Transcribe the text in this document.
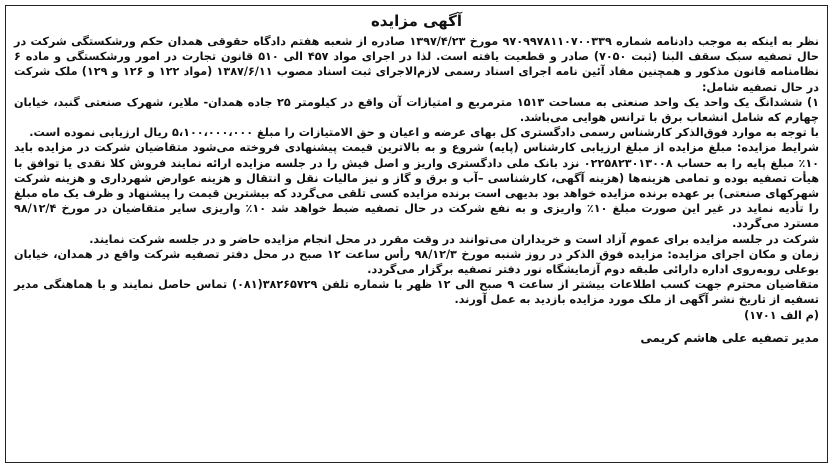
آگهی مزایده

نظر به اینکه به موجب دادنامه شماره ۹۷۰۹۹۷۸۱۱۰۷۰۰۳۳۹ مورخ ۱۳۹۷/۴/۲۳ صادره از شعبه هفتم دادگاه حقوقی همدان حکم ورشکستگی شرکت در حال تصفیه سبک سقف البنا (ثبت ۷۰۵۰) صادر و قطعیت یافته است. لذا در اجرای مواد ۴۵۷ الی ۵۱۰ قانون تجارت در امور ورشکستگی و ماده ۶ نظامنامه قانون مذکور و همچنین مفاد آئین نامه اجرای اسناد رسمی لازم‌الاجرای ثبت اسناد مصوب ۱۳۸۷/۶/۱۱ (مواد ۱۲۲ و ۱۲۶ و ۱۲۹) ملک شرکت در حال تصفیه شامل:

۱) ششدانگ یک واحد یک واحد صنعتی به مساحت ۱۵۱۳ مترمربع و امتیازات آن واقع در کیلومتر ۲۵ جاده همدان- ملایر، شهرک صنعتی گنبد، خیابان چهارم که شامل انشعاب برق با ترانس هوایی می‌باشد.

با توجه به موارد فوق‌الذکر کارشناس رسمی دادگستری کل بهای عرضه و اعیان و حق الامتیازات را مبلغ ۵،۱۰۰،۰۰۰،۰۰۰ ریال ارزیابی نموده است.

شرایط مزایده: مبلغ مزایده از مبلغ ارزیابی کارشناس (پایه) شروع و به بالاترین قیمت پیشنهادی فروخته می‌شود متقاضیان شرکت در مزایده باید ۱۰٪ مبلغ پایه را به حساب ۰۲۲۵۸۲۳۰۱۳۰۰۸ نزد بانک ملی دادگستری واریز و اصل فیش را در جلسه مزایده ارائه نمایند فروش کلا نقدی یا توافق با هیأت تصفیه بوده و تمامی هزینه‌ها (هزینه آگهی، کارشناسی –آب و برق و گاز و نیز مالیات نقل و انتقال و هزینه عوارض شهرداری و هزینه شرکت شهرکهای صنعتی) بر عهده برنده مزایده خواهد بود بدیهی است برنده مزایده کسی تلقی می‌گردد که بیشترین قیمت را پیشنهاد و ظرف یک ماه مبلغ را تأدیه نماید در غیر این صورت مبلغ ۱۰٪ واریزی و به نفع شرکت در حال تصفیه ضبط خواهد شد ۱۰٪ واریزی سایر متقاضیان در مورخ ۹۸/۱۲/۴ مسترد می‌گردد.

شرکت در جلسه مزایده برای عموم آزاد است و خریداران می‌توانند در وقت مقرر در محل انجام مزایده حاضر و در جلسه شرکت نمایند.

زمان و مکان اجرای مزایده: مزایده فوق الذکر در روز شنبه مورخ ۹۸/۱۲/۳ رأس ساعت ۱۲ صبح در محل دفتر تصفیه شرکت واقع در همدان، خیابان بوعلی روبه‌روی اداره دارائی طبقه دوم آزمایشگاه نور دفتر تصفیه برگزار می‌گردد.

متقاضیان محترم جهت کسب اطلاعات بیشتر از ساعت ۹ صبح الی ۱۲ ظهر با شماره تلفن ۳۸۲۶۵۷۲۹(۰۸۱) تماس حاصل نمایند و با هماهنگی مدیر تسفیه از تاریخ نشر آگهی از ملک مورد مزایده بازدید به عمل آورند.

(م الف ۱۷۰۱)
مدیر تصفیه علی هاشم کریمی
